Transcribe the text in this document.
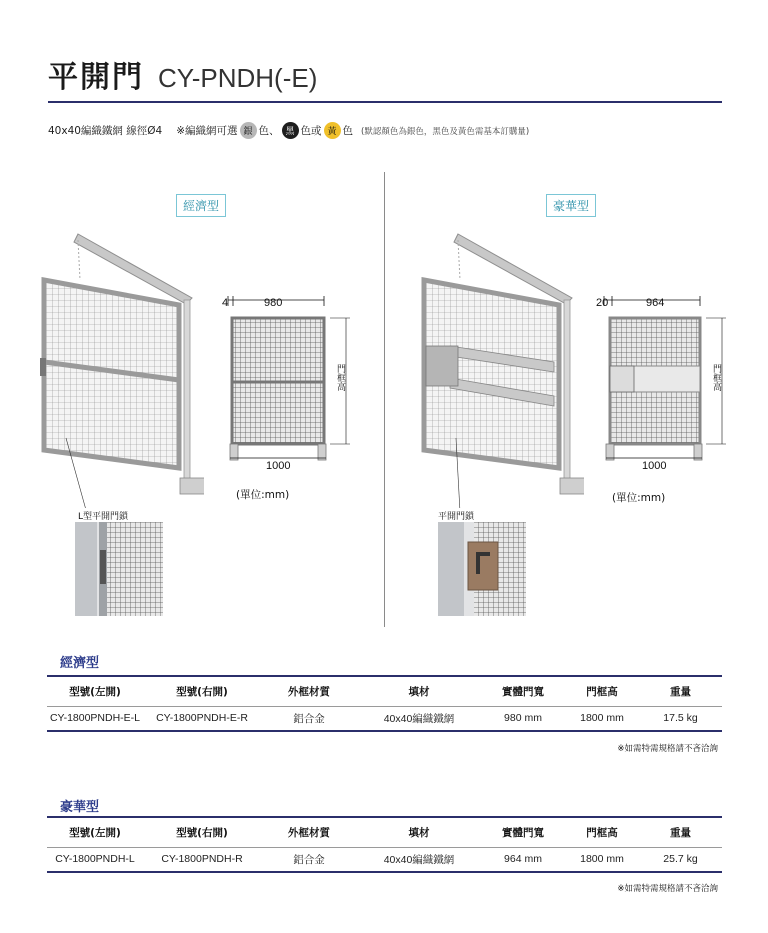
平開門 CY-PNDH(-E)
40x40編織鐵網 線徑Ø4 ※編織網可選 銀 色、 黑 色或 黃 色 (默認顏色為銀色，黑色及黃色需基本訂購量)
經濟型	豪華型
4	980
門框高
1000
(單位:mm)
L型平開門鎖
20	964
門框高
1000
(單位:mm)
平開門鎖
經濟型
型號(左開)	型號(右開)	外框材質	填材	實體門寬	門框高	重量
CY-1800PNDH-E-L	CY-1800PNDH-E-R	鋁合金	40x40編織鐵網	980 mm	1800 mm	17.5 kg
※如需特需規格請不吝洽詢
豪華型
型號(左開)	型號(右開)	外框材質	填材	實體門寬	門框高	重量
CY-1800PNDH-L	CY-1800PNDH-R	鋁合金	40x40編織鐵網	964 mm	1800 mm	25.7 kg
※如需特需規格請不吝洽詢
